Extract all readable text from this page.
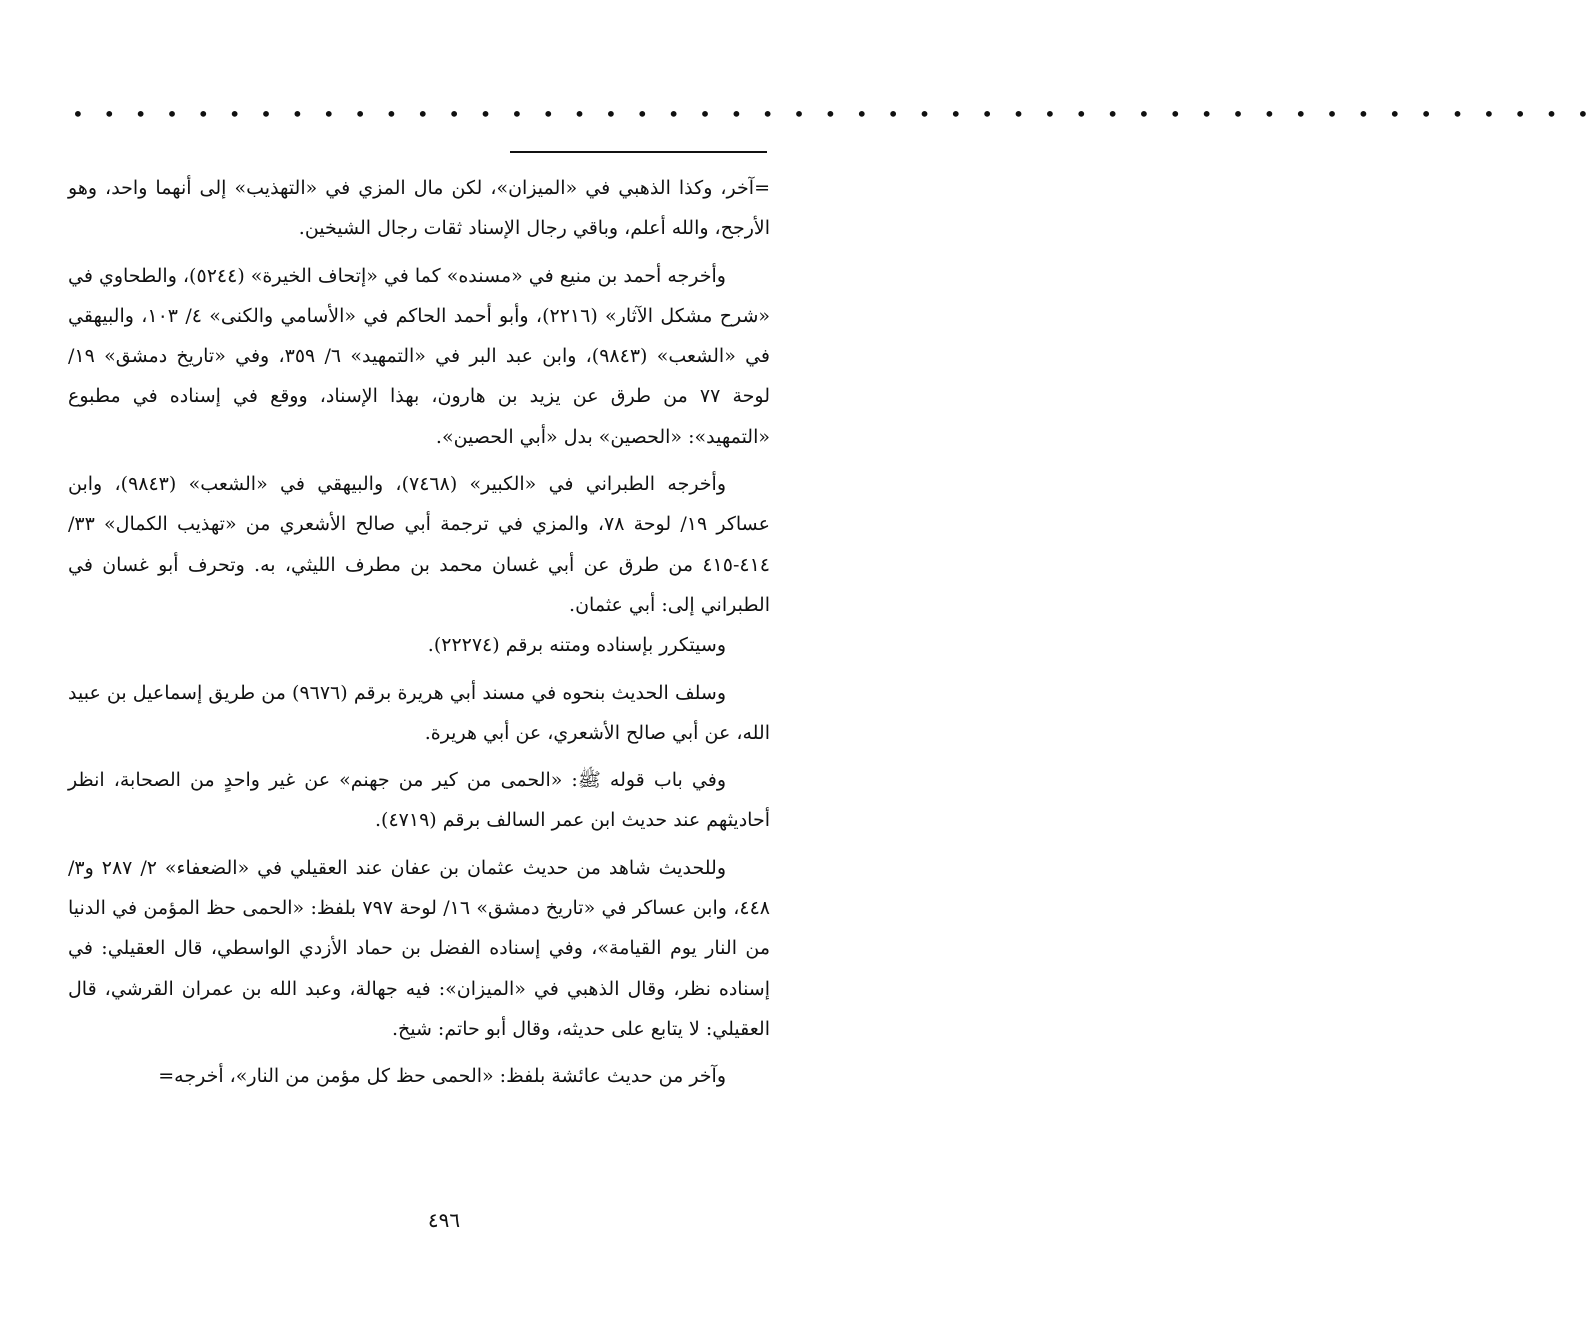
• • • • • • • • • • • • • • • • • • • • • • • • • • • • • • • • • • • • • • • • • • • • • • • • •

=آخر، وكذا الذهبي في «الميزان»، لكن مال المزي في «التهذيب» إلى أنهما واحد، وهو الأرجح، والله أعلم، وباقي رجال الإسناد ثقات رجال الشيخين.

وأخرجه أحمد بن منيع في «مسنده» كما في «إتحاف الخيرة» (٥٢٤٤)، والطحاوي في «شرح مشكل الآثار» (٢٢١٦)، وأبو أحمد الحاكم في «الأسامي والكنى» ٤/ ١٠٣، والبيهقي في «الشعب» (٩٨٤٣)، وابن عبد البر في «التمهيد» ٦/ ٣٥٩، وفي «تاريخ دمشق» ١٩/ لوحة ٧٧ من طرق عن يزيد بن هارون، بهذا الإسناد، ووقع في إسناده في مطبوع «التمهيد»: «الحصين» بدل «أبي الحصين».

وأخرجه الطبراني في «الكبير» (٧٤٦٨)، والبيهقي في «الشعب» (٩٨٤٣)، وابن عساكر ١٩/ لوحة ٧٨، والمزي في ترجمة أبي صالح الأشعري من «تهذيب الكمال» ٣٣/ ٤١٤-٤١٥ من طرق عن أبي غسان محمد بن مطرف الليثي، به. وتحرف أبو غسان في الطبراني إلى: أبي عثمان.

وسيتكرر بإسناده ومتنه برقم (٢٢٢٧٤).

وسلف الحديث بنحوه في مسند أبي هريرة برقم (٩٦٧٦) من طريق إسماعيل بن عبيد الله، عن أبي صالح الأشعري، عن أبي هريرة.

وفي باب قوله ﷺ: «الحمى من كير من جهنم» عن غير واحدٍ من الصحابة، انظر أحاديثهم عند حديث ابن عمر السالف برقم (٤٧١٩).

وللحديث شاهد من حديث عثمان بن عفان عند العقيلي في «الضعفاء» ٢/ ٢٨٧ و٣/ ٤٤٨، وابن عساكر في «تاريخ دمشق» ١٦/ لوحة ٧٩٧ بلفظ: «الحمى حظ المؤمن في الدنيا من النار يوم القيامة»، وفي إسناده الفضل بن حماد الأزدي الواسطي، قال العقيلي: في إسناده نظر، وقال الذهبي في «الميزان»: فيه جهالة، وعبد الله بن عمران القرشي، قال العقيلي: لا يتابع على حديثه، وقال أبو حاتم: شيخ.

وآخر من حديث عائشة بلفظ: «الحمى حظ كل مؤمن من النار»، أخرجه=

٤٩٦
